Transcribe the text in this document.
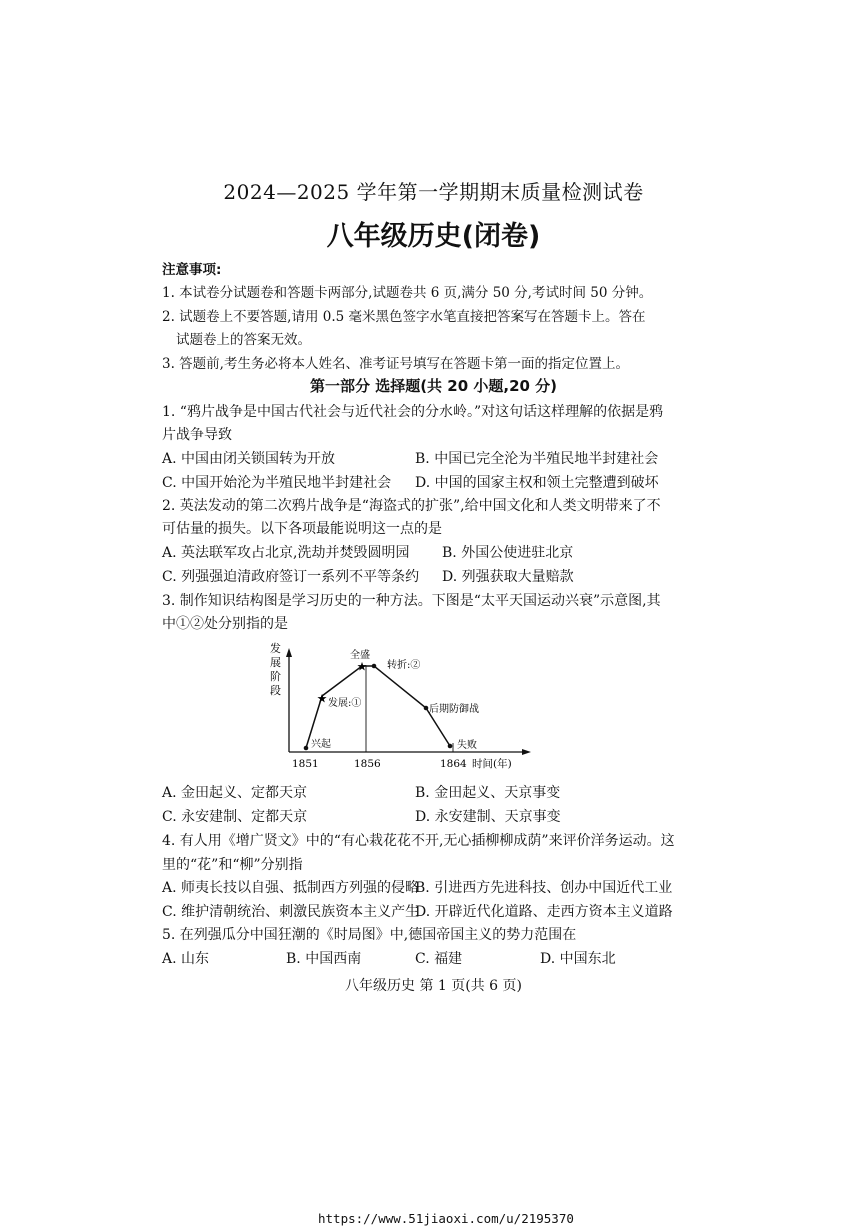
2024—2025 学年第一学期期末质量检测试卷
八年级历史(闭卷)
注意事项:
1. 本试卷分试题卷和答题卡两部分,试题卷共 6 页,满分 50 分,考试时间 50 分钟。
2. 试题卷上不要答题,请用 0.5 毫米黑色签字水笔直接把答案写在答题卡上。答在
试题卷上的答案无效。
3. 答题前,考生务必将本人姓名、准考证号填写在答题卡第一面的指定位置上。
第一部分 选择题(共 20 小题,20 分)
1. “鸦片战争是中国古代社会与近代社会的分水岭。”对这句话这样理解的依据是鸦
片战争导致
A. 中国由闭关锁国转为开放	B. 中国已完全沦为半殖民地半封建社会
C. 中国开始沦为半殖民地半封建社会 D. 中国的国家主权和领土完整遭到破坏
2. 英法发动的第二次鸦片战争是“海盗式的扩张”,给中国文化和人类文明带来了不
可估量的损失。以下各项最能说明这一点的是
A. 英法联军攻占北京,洗劫并焚毁圆明园 B. 外国公使进驻北京
C. 列强强迫清政府签订一系列不平等条约 D. 列强获取大量赔款
3. 制作知识结构图是学习历史的一种方法。下图是“太平天国运动兴衰”示意图,其
中①②处分别指的是
发
展
阶
段
★
★
兴起
发展:①
全盛
转折:②
后期防御战
失败
1851	1856	1864 时间(年)
A. 金田起义、定都天京	B. 金田起义、天京事变
C. 永安建制、定都天京	D. 永安建制、天京事变
4. 有人用《增广贤文》中的“有心栽花花不开,无心插柳柳成荫”来评价洋务运动。这
里的“花”和“柳”分别指
A. 师夷长技以自强、抵制西方列强的侵略
B. 引进西方先进科技、创办中国近代工业
C. 维护清朝统治、刺激民族资本主义产生
D. 开辟近代化道路、走西方资本主义道路
5. 在列强瓜分中国狂潮的《时局图》中,德国帝国主义的势力范围在
A. 山东	B. 中国西南	C. 福建	D. 中国东北
八年级历史 第 1 页(共 6 页)
https://www.51jiaoxi.com/u/2195370
